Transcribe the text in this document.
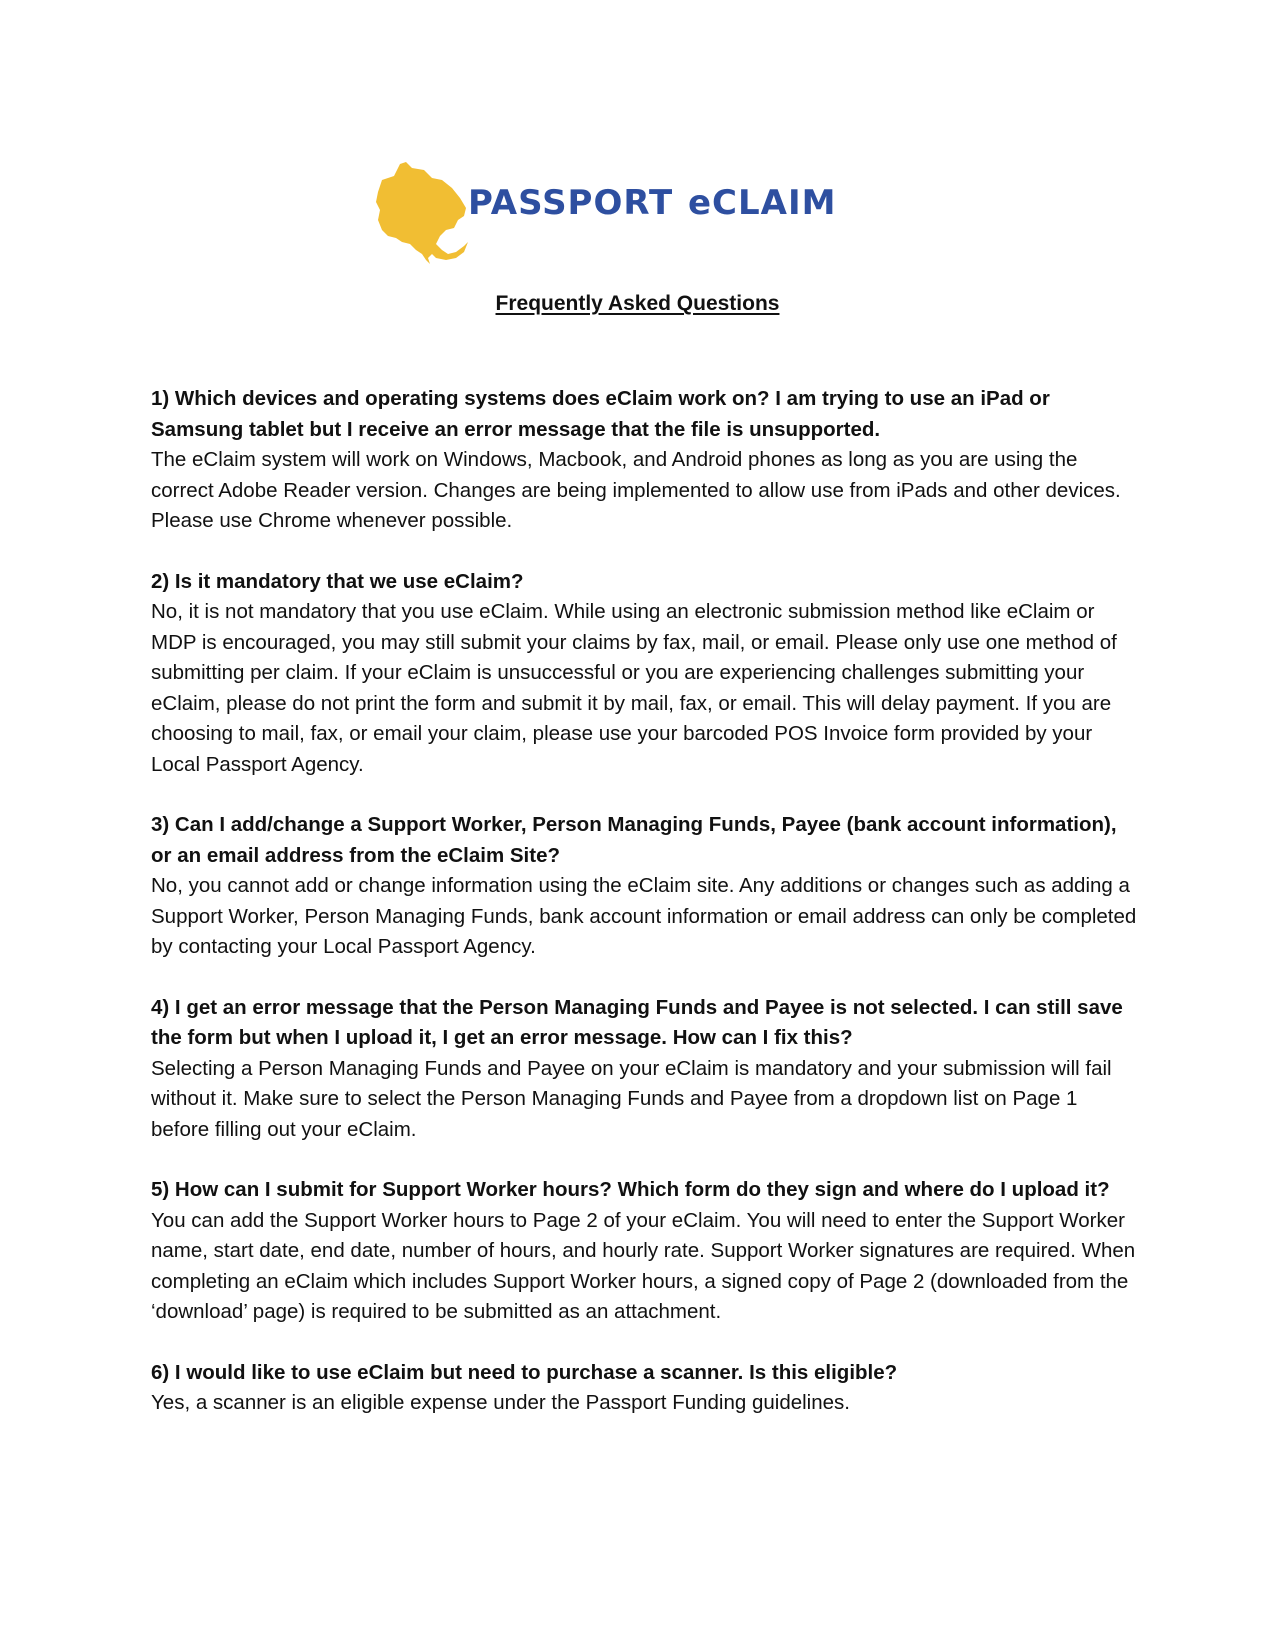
PASSPORT eCLAIM
Frequently Asked Questions

1) Which devices and operating systems does eClaim work on? I am trying to use an iPad or Samsung tablet but I receive an error message that the file is unsupported.

The eClaim system will work on Windows, Macbook, and Android phones as long as you are using the correct Adobe Reader version. Changes are being implemented to allow use from iPads and other devices. Please use Chrome whenever possible.

2) Is it mandatory that we use eClaim?

No, it is not mandatory that you use eClaim. While using an electronic submission method like eClaim or MDP is encouraged, you may still submit your claims by fax, mail, or email. Please only use one method of submitting per claim. If your eClaim is unsuccessful or you are experiencing challenges submitting your eClaim, please do not print the form and submit it by mail, fax, or email. This will delay payment. If you are choosing to mail, fax, or email your claim, please use your barcoded POS Invoice form provided by your Local Passport Agency.

3) Can I add/change a Support Worker, Person Managing Funds, Payee (bank account information), or an email address from the eClaim Site?

No, you cannot add or change information using the eClaim site. Any additions or changes such as adding a Support Worker, Person Managing Funds, bank account information or email address can only be completed by contacting your Local Passport Agency.

4) I get an error message that the Person Managing Funds and Payee is not selected. I can still save the form but when I upload it, I get an error message. How can I fix this?

Selecting a Person Managing Funds and Payee on your eClaim is mandatory and your submission will fail without it. Make sure to select the Person Managing Funds and Payee from a dropdown list on Page 1 before filling out your eClaim.

5) How can I submit for Support Worker hours? Which form do they sign and where do I upload it?

You can add the Support Worker hours to Page 2 of your eClaim. You will need to enter the Support Worker name, start date, end date, number of hours, and hourly rate. Support Worker signatures are required. When completing an eClaim which includes Support Worker hours, a signed copy of Page 2 (downloaded from the ‘download’ page) is required to be submitted as an attachment.

6) I would like to use eClaim but need to purchase a scanner. Is this eligible?

Yes, a scanner is an eligible expense under the Passport Funding guidelines.
